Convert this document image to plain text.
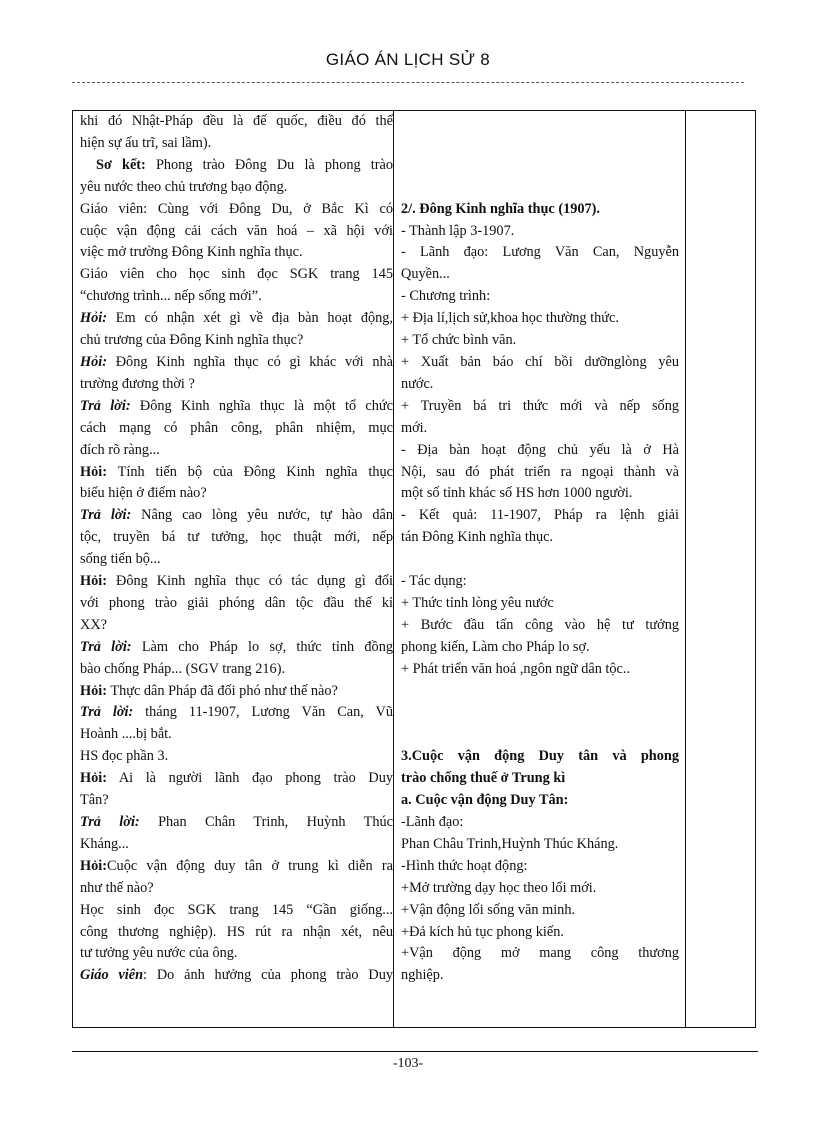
GIÁO ÁN LỊCH SỬ 8

khi đó Nhật-Pháp đều là đế quốc, điều đó thể

hiện sự ấu trĩ, sai lầm).

Sơ kết: Phong trào Đông Du là phong trào

yêu nước theo chủ trương bạo động.

Giáo viên: Cùng với Đông Du, ở Bắc Kì có

cuộc vận động cải cách văn hoá – xã hội với

việc mở trường Đông Kinh nghĩa thục.

Giáo viên cho học sinh đọc SGK trang 145

“chương trình... nếp sống mới”.

Hỏi: Em có nhận xét gì về địa bàn hoạt động,

chủ trương của Đông Kinh nghĩa thục?

Hỏi: Đông Kinh nghĩa thục có gì khác với nhà

trường đương thời ?

Trả lời: Đông Kinh nghĩa thục là một tổ chức

cách mạng có phân công, phân nhiệm, mục

đích rõ ràng...

Hỏi: Tính tiến bộ của Đông Kinh nghĩa thục

biểu hiện ở điểm nào?

Trả lời: Nâng cao lòng yêu nước, tự hào dân

tộc, truyền bá tư tưởng, học thuật mới, nếp

sống tiến bộ...

Hỏi: Đông Kinh nghĩa thục có tác dụng gì đối

với phong trào giải phóng dân tộc đầu thế kỉ

XX?

Trả lời: Làm cho Pháp lo sợ, thức tỉnh đồng

bào chống Pháp... (SGV trang 216).

Hỏi: Thực dân Pháp đã đối phó như thế nào?

Trả lời: tháng 11-1907, Lương Văn Can, Vũ

Hoành ....bị bắt.

HS đọc phần 3.

Hỏi: Ai là người lãnh đạo phong trào Duy

Tân?

Trả lời: Phan Chân Trinh, Huỳnh Thúc

Kháng...

Hỏi:Cuộc vận động duy tân ở trung kì diễn ra

như thế nào?

Học sinh đọc SGK trang 145 “Gần giống...

công thương nghiệp). HS rút ra nhận xét, nêu

tư tưởng yêu nước của ông.

Giáo viên: Do ảnh hưởng của phong trào Duy

2/. Đông Kinh nghĩa thục (1907).

- Thành lập 3-1907.

- Lãnh đạo: Lương Văn Can, Nguyễn

Quyền...

- Chương trình:

+ Địa lí,lịch sử,khoa học thường thức.

+ Tổ chức bình văn.

+ Xuất bản báo chí bồi dưỡnglòng yêu

nước.

+ Truyền bá tri thức mới và nếp sống

mới.

- Địa bàn hoạt động chủ yếu là ở Hà

Nội, sau đó phát triển ra ngoại thành và

một số tỉnh khác số HS hơn 1000 người.

- Kết quả: 11-1907, Pháp ra lệnh giải

tán Đông Kinh nghĩa thục.

- Tác dụng:

+ Thức tỉnh lòng yêu nước

+ Bước đầu tấn công vào hệ tư tưởng

phong kiến, Làm cho Pháp lo sợ.

+ Phát triển văn hoá ,ngôn ngữ dân tộc..

3.Cuộc vận động Duy tân và phong

trào chống thuế ở Trung kì

a. Cuộc vận động Duy Tân:

-Lãnh đạo:

Phan Châu Trinh,Huỳnh Thúc Kháng.

-Hình thức hoạt động:

+Mở trường dạy học theo lối mới.

+Vận động lối sống văn minh.

+Đả kích hủ tục phong kiến.

+Vận động mở mang công thương

nghiệp.

-103-
